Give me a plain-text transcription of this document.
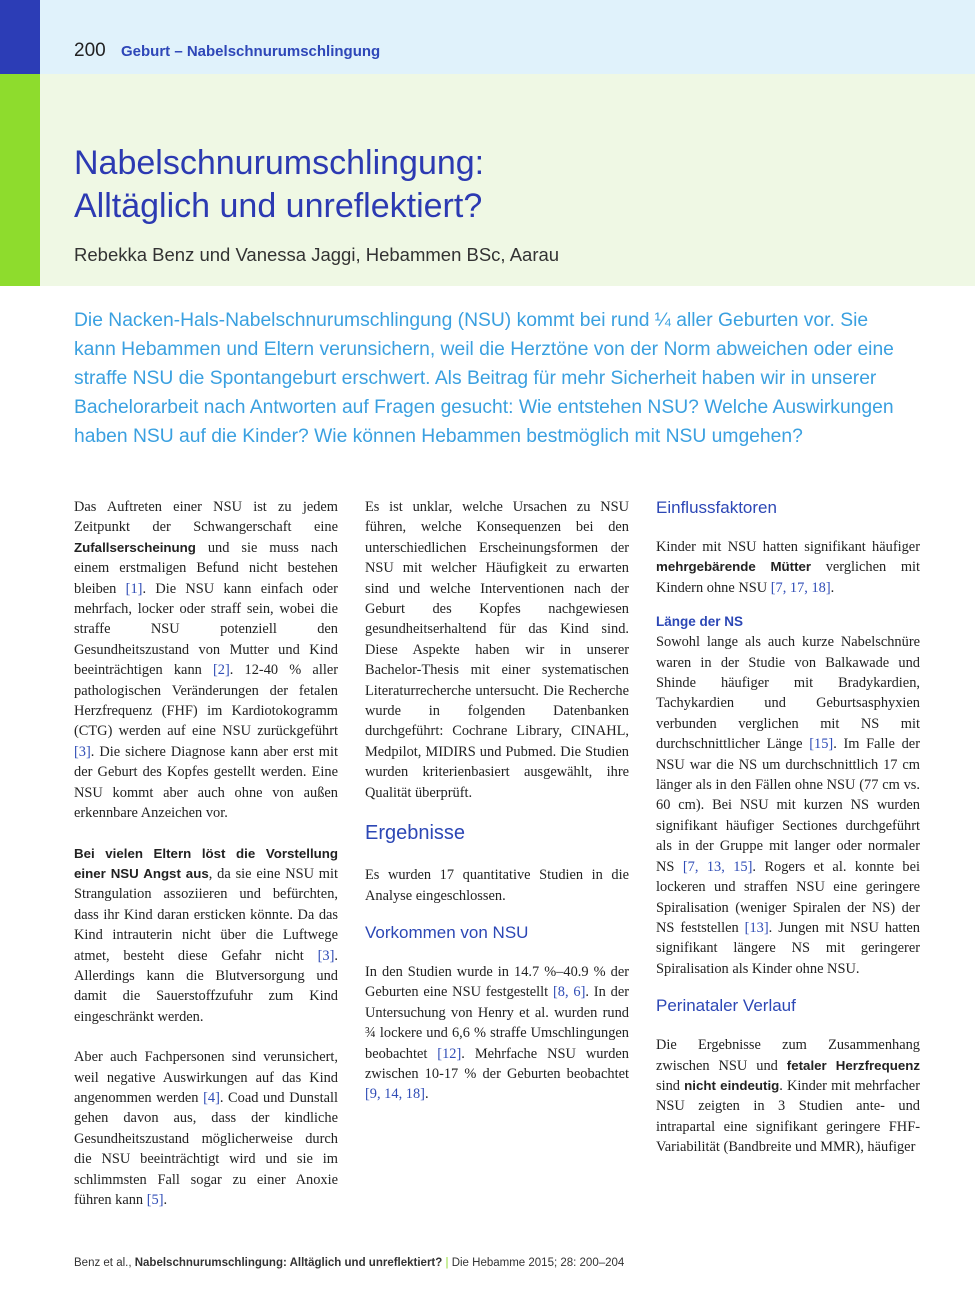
200 Geburt – Nabelschnurumschlingung
Nabelschnurumschlingung:
Alltäglich und unreflektiert?
Rebekka Benz und Vanessa Jaggi, Hebammen BSc, Aarau
Die Nacken-Hals-Nabelschnurumschlingung (NSU) kommt bei rund ¼ aller Geburten vor. Sie kann Hebammen und Eltern verunsichern, weil die Herztöne von der Norm abweichen oder eine straffe NSU die Spontangeburt erschwert. Als Beitrag für mehr Sicherheit haben wir in unserer Bachelorarbeit nach Antworten auf Fragen gesucht: Wie entstehen NSU? Welche Auswirkungen haben NSU auf die Kinder? Wie können Hebammen bestmöglich mit NSU umgehen?

Das Auftreten einer NSU ist zu jedem Zeitpunkt der Schwangerschaft eine Zufallserscheinung und sie muss nach einem erstmaligen Befund nicht bestehen bleiben [1]. Die NSU kann einfach oder mehrfach, locker oder straff sein, wobei die straffe NSU potenziell den Gesundheitszustand von Mutter und Kind beeinträchtigen kann [2]. 12-40 % aller pathologischen Veränderungen der fetalen Herzfrequenz (FHF) im Kardiotokogramm (CTG) werden auf eine NSU zurückgeführt [3]. Die sichere Diagnose kann aber erst mit der Geburt des Kopfes gestellt werden. Eine NSU kommt aber auch ohne von außen erkennbare Anzeichen vor.

Bei vielen Eltern löst die Vorstellung einer NSU Angst aus, da sie eine NSU mit Strangulation assoziieren und befürchten, dass ihr Kind daran ersticken könnte. Da das Kind intrauterin nicht über die Luftwege atmet, besteht diese Gefahr nicht [3]. Allerdings kann die Blutversorgung und damit die Sauerstoffzufuhr zum Kind eingeschränkt werden.

Aber auch Fachpersonen sind verunsichert, weil negative Auswirkungen auf das Kind angenommen werden [4]. Coad und Dunstall gehen davon aus, dass der kindliche Gesundheitszustand möglicherweise durch die NSU beeinträchtigt wird und sie im schlimmsten Fall sogar zu einer Anoxie führen kann [5].

Es ist unklar, welche Ursachen zu NSU führen, welche Konsequenzen bei den unterschiedlichen Erscheinungsformen der NSU mit welcher Häufigkeit zu erwarten sind und welche Interventionen nach der Geburt des Kopfes nachgewiesen gesundheitserhaltend für das Kind sind. Diese Aspekte haben wir in unserer Bachelor-Thesis mit einer systematischen Literaturrecherche untersucht. Die Recherche wurde in folgenden Datenbanken durchgeführt: Cochrane Library, CINAHL, Medpilot, MIDIRS und Pubmed. Die Studien wurden kriterienbasiert ausgewählt, ihre Qualität überprüft.

Ergebnisse

Es wurden 17 quantitative Studien in die Analyse eingeschlossen.

Vorkommen von NSU

In den Studien wurde in 14.7 %–40.9 % der Geburten eine NSU festgestellt [8, 6]. In der Untersuchung von Henry et al. wurden rund ¾ lockere und 6,6 % straffe Umschlingungen beobachtet [12]. Mehrfache NSU wurden zwischen 10-17 % der Geburten beobachtet [9, 14, 18].

Einflussfaktoren

Kinder mit NSU hatten signifikant häufiger mehrgebärende Mütter verglichen mit Kindern ohne NSU [7, 17, 18].

Länge der NS

Sowohl lange als auch kurze Nabelschnüre waren in der Studie von Balkawade und Shinde häufiger mit Bradykardien, Tachykardien und Geburtsasphyxien verbunden verglichen mit NS mit durchschnittlicher Länge [15]. Im Falle der NSU war die NS um durchschnittlich 17 cm länger als in den Fällen ohne NSU (77 cm vs. 60 cm). Bei NSU mit kurzen NS wurden signifikant häufiger Sectiones durchgeführt als in der Gruppe mit langer oder normaler NS [7, 13, 15]. Rogers et al. konnte bei lockeren und straffen NSU eine geringere Spiralisation (weniger Spiralen der NS) der NS feststellen [13]. Jungen mit NSU hatten signifikant längere NS mit geringerer Spiralisation als Kinder ohne NSU.

Perinataler Verlauf

Die Ergebnisse zum Zusammenhang zwischen NSU und fetaler Herzfrequenz sind nicht eindeutig. Kinder mit mehrfacher NSU zeigten in 3 Studien ante- und intrapartal eine signifikant geringere FHF-Variabilität (Bandbreite und MMR), häufiger

Benz et al., Nabelschnurumschlingung: Alltäglich und unreflektiert? | Die Hebamme 2015; 28: 200–204
